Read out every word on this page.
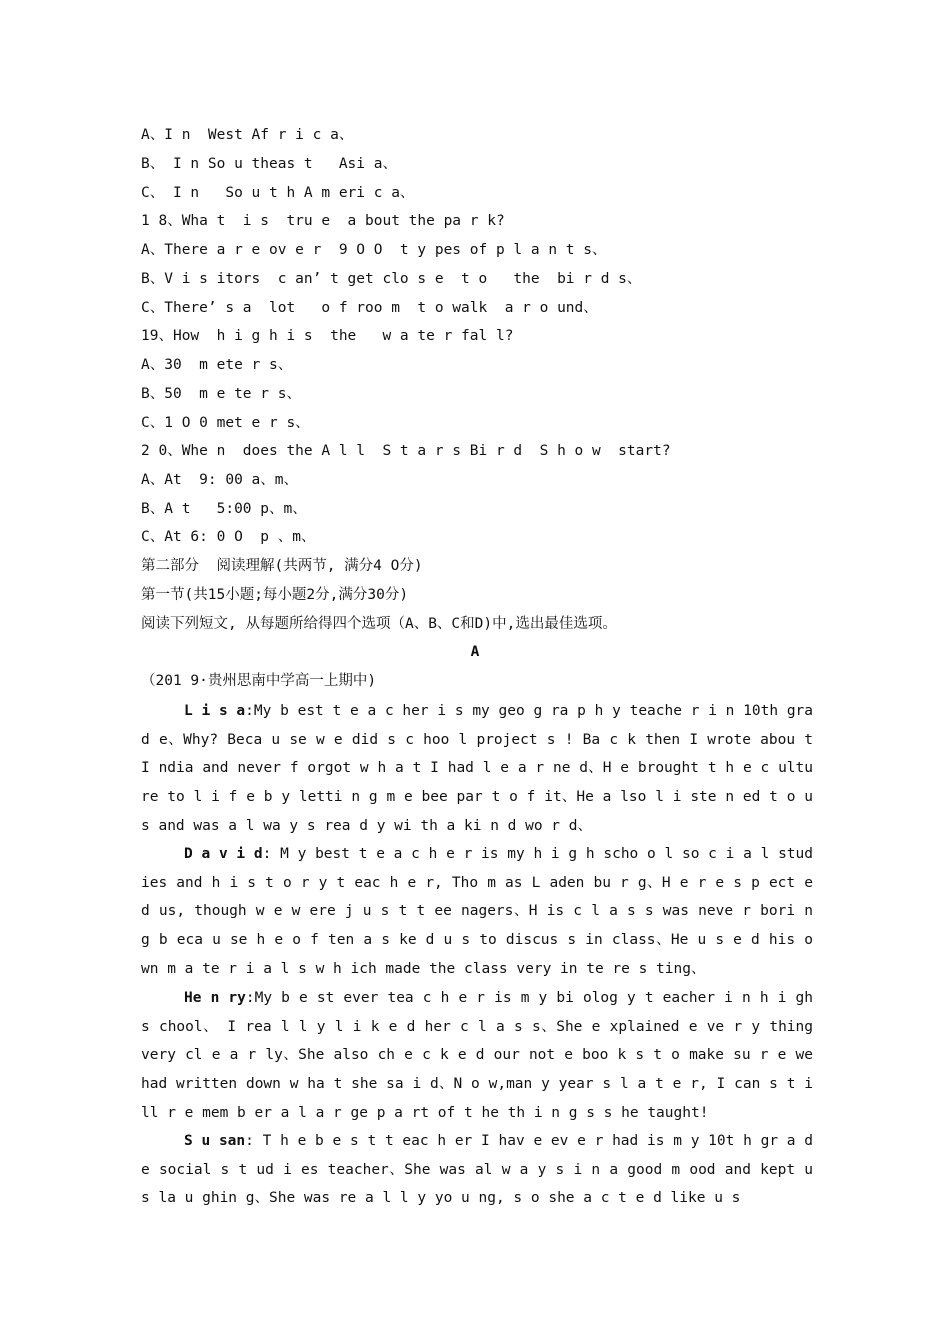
A、I n  West Af r i c a、
B、 I n So u theas t   Asi a、
C、 I n   So u t h A m eri c a、
1 8、Wha t  i s  tru e  a bout the pa r k?
A、There a r e ov e r  9 O O  t y pes of p l a n t s、
B、V i s itors  c an’ t get clo s e  t o   the  bi r d s、
C、There’ s a  lot   o f roo m  t o walk  a r o und、
19、How  h i g h i s  the   w a te r fal l?
A、30  m ete r s、
B、50  m e te r s、
C、1 O 0 met e r s、
2 0、Whe n  does the A l l  S t a r s Bi r d  S h o w  start?
A、At  9: 00 a、m、
B、A t   5:00 p、m、
C、At 6: 0 O  p 、m、
第二部分  阅读理解(共两节, 满分4 O分)
第一节(共15小题;每小题2分,满分30分)
阅读下列短文, 从每题所给得四个选项（A、B、C和D)中,选出最佳选项。
A
（201 9·贵州思南中学高一上期中)
L i s a:My b est t e a c her i s my geo g ra p h y teache r i n 10th gra d e、Why? Beca u se w e did s c hoo l project s ! Ba c k then I wrote abou t I ndia and never f orgot w h a t I had l e a r ne d、H e brought t h e c ulture to l i f e b y letti n g m e bee par t o f it、He a lso l i ste n ed t o us and was a l wa y s rea d y wi th a ki n d wo r d、
D a v i d: M y best t e a c h e r is my h i g h scho o l so c i a l studies and h i s t o r y t eac h e r, Tho m as L aden bu r g、H e r e s p ect e d us, though w e w ere j u s t t ee nagers、H is c l a s s was neve r bori n g b eca u se h e o f ten a s ke d u s to discus s in class、He u s e d his o wn m a te r i a l s w h ich made the class very in te re s ting、
He n ry:My b e st ever tea c h e r is m y bi olog y t eacher i n h i gh s chool、 I rea l l y l i k e d her c l a s s、She e xplained e ve r y thing very cl e a r ly、She also ch e c k e d our not e boo k s t o make su r e we had written down w ha t she sa i d、N o w,man y year s l a t e r, I can s t ill r e mem b er a l a r ge p a rt of t he th i n g s s he taught!
S u san: T h e b e s t t eac h er I hav e ev e r had is m y 10t h gr a de social s t ud i es teacher、She was al w a y s i n a good m ood and kept u s la u ghin g、She was re a l l y yo u ng, s o she a c t e d like u s
